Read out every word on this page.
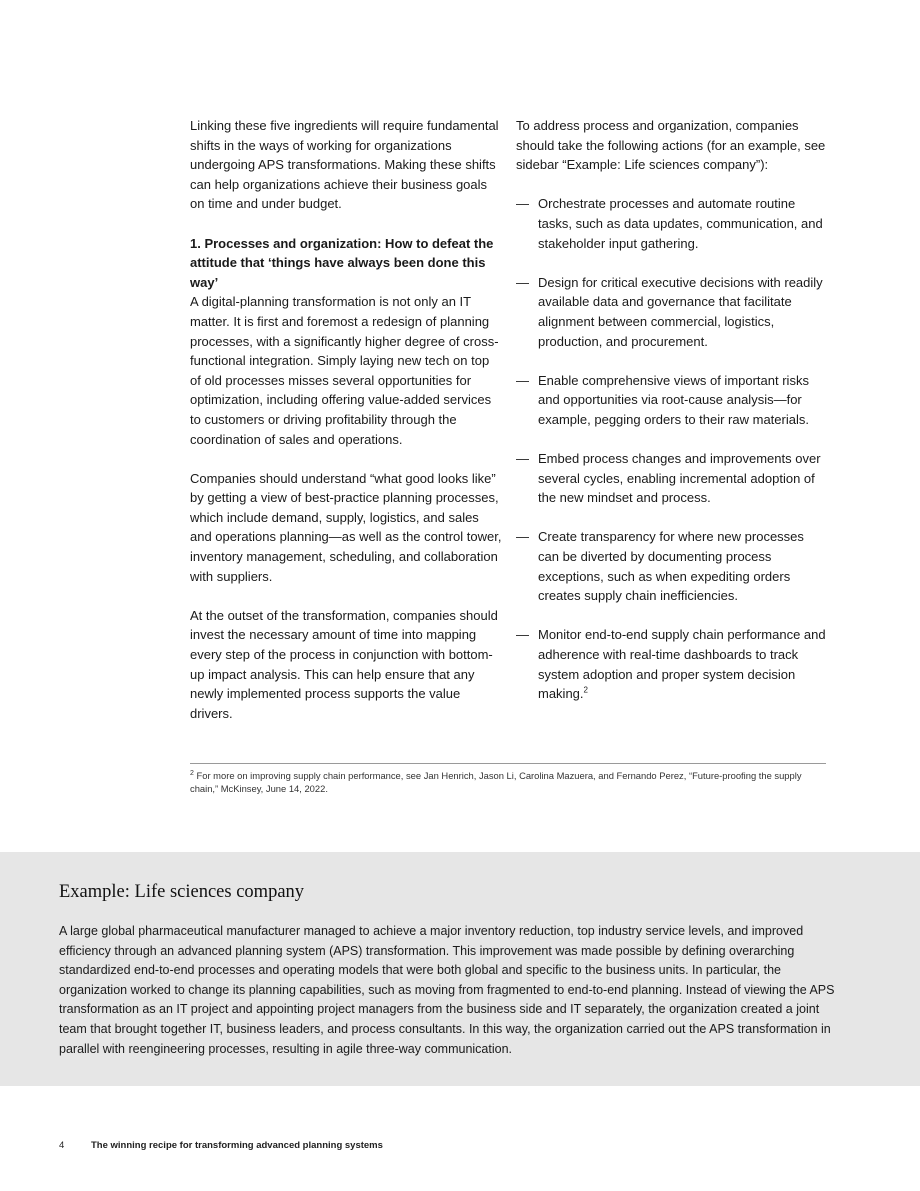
Linking these five ingredients will require fundamental shifts in the ways of working for organizations undergoing APS transformations. Making these shifts can help organizations achieve their business goals on time and under budget.

1. Processes and organization: How to defeat the attitude that ‘things have always been done this way’

A digital-planning transformation is not only an IT matter. It is first and foremost a redesign of planning processes, with a significantly higher degree of cross-functional integration. Simply laying new tech on top of old processes misses several opportunities for optimization, including offering value-added services to customers or driving profitability through the coordination of sales and operations.

Companies should understand “what good looks like” by getting a view of best-practice planning processes, which include demand, supply, logistics, and sales and operations planning—as well as the control tower, inventory management, scheduling, and collaboration with suppliers.

At the outset of the transformation, companies should invest the necessary amount of time into mapping every step of the process in conjunction with bottom-up impact analysis. This can help ensure that any newly implemented process supports the value drivers.

To address process and organization, companies should take the following actions (for an example, see sidebar “Example: Life sciences company”):

— Orchestrate processes and automate routine tasks, such as data updates, communication, and stakeholder input gathering.
— Design for critical executive decisions with readily available data and governance that facilitate alignment between commercial, logistics, production, and procurement.
— Enable comprehensive views of important risks and opportunities via root-cause analysis—for example, pegging orders to their raw materials.
— Embed process changes and improvements over several cycles, enabling incremental adoption of the new mindset and process.
— Create transparency for where new processes can be diverted by documenting process exceptions, such as when expediting orders creates supply chain inefficiencies.
— Monitor end-to-end supply chain performance and adherence with real-time dashboards to track system adoption and proper system decision making.$^2$
$^2$ For more on improving supply chain performance, see Jan Henrich, Jason Li, Carolina Mazuera, and Fernando Perez, “Future-proofing the supply chain,” McKinsey, June 14, 2022.
Example: Life sciences company

A large global pharmaceutical manufacturer managed to achieve a major inventory reduction, top industry service levels, and improved efficiency through an advanced planning system (APS) transformation. This improvement was made possible by defining overarching standardized end-to-end processes and operating models that were both global and specific to the business units. In particular, the organization worked to change its planning capabilities, such as moving from fragmented to end-to-end planning. Instead of viewing the APS transformation as an IT project and appointing project managers from the business side and IT separately, the organization created a joint team that brought together IT, business leaders, and process consultants. In this way, the organization carried out the APS transformation in parallel with reengineering processes, resulting in agile three-way communication.

4	The winning recipe for transforming advanced planning systems
